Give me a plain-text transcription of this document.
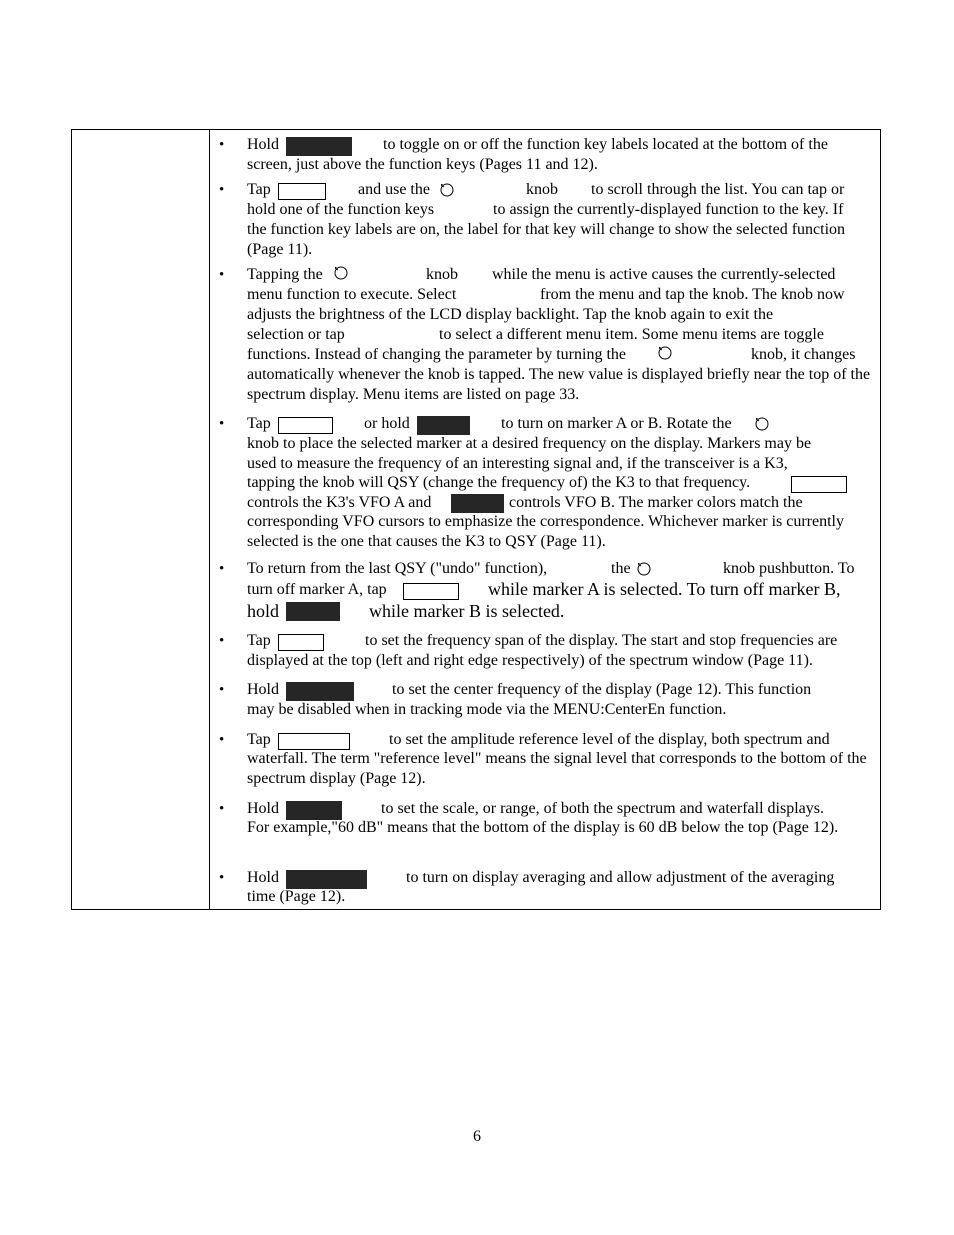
• Hold	to toggle on or off the function key labels located at the bottom of the
screen, just above the function keys (Pages 11 and 12).
• Tap	and use the	knob to scroll through the list. You can tap or
hold one of the function keys	to assign the currently-displayed function to the key. If
the function key labels are on, the label for that key will change to show the selected function (Page 11).
• Tapping the	knob while the menu is active causes the currently-selected
menu function to execute. Select	from the menu and tap the knob. The knob now
adjusts the brightness of the LCD display backlight. Tap the knob again to exit the
selection or tap	to select a different menu item. Some menu items are toggle
functions. Instead of changing the parameter by turning the	knob, it changes
automatically whenever the knob is tapped. The new value is displayed briefly near the top of the spectrum display. Menu items are listed on page 33.
• Tap	or hold	to turn on marker A or B. Rotate the
knob to place the selected marker at a desired frequency on the display. Markers may be
used to measure the frequency of an interesting signal and, if the transceiver is a K3,
tapping the knob will QSY (change the frequency of) the K3 to that frequency.
controls the K3's VFO A and	controls VFO B. The marker colors match the
corresponding VFO cursors to emphasize the correspondence. Whichever marker is currently selected is the one that causes the K3 to QSY (Page 11).
• To return from the last QSY ("undo" function),	the	knob pushbutton. To
turn off marker A, tap	while marker A is selected. To turn off marker B,
hold	while marker B is selected.
• Tap	to set the frequency span of the display. The start and stop frequencies are
displayed at the top (left and right edge respectively) of the spectrum window (Page 11).
• Hold	to set the center frequency of the display (Page 12). This function
may be disabled when in tracking mode via the MENU:CenterEn function.
• Tap	to set the amplitude reference level of the display, both spectrum and
waterfall. The term "reference level" means the signal level that corresponds to the bottom of the spectrum display (Page 12).
• Hold	to set the scale, or range, of both the spectrum and waterfall displays.
For example,"60 dB" means that the bottom of the display is 60 dB below the top (Page 12).
• Hold	to turn on display averaging and allow adjustment of the averaging
time (Page 12).
6
